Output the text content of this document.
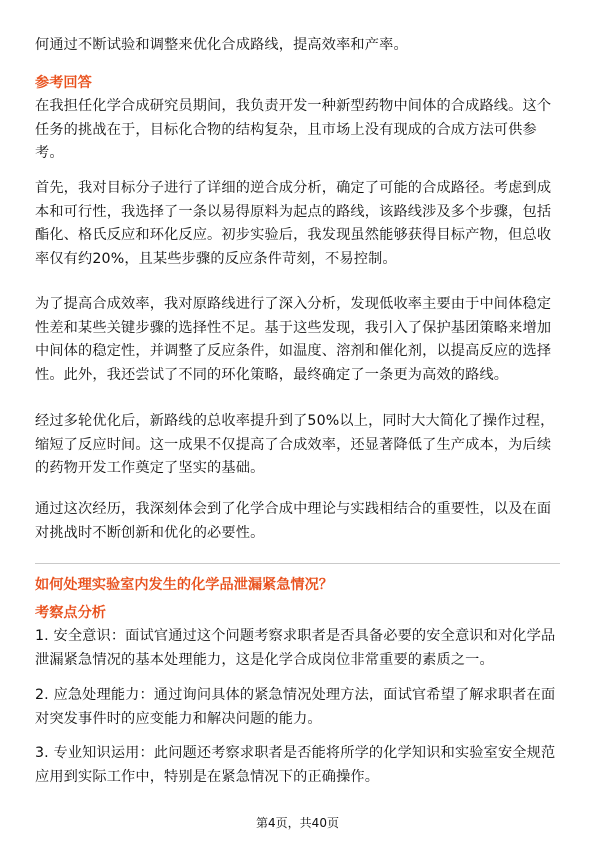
何通过不断试验和调整来优化合成路线，提高效率和产率。

参考回答

在我担任化学合成研究员期间，我负责开发一种新型药物中间体的合成路线。这个任务的挑战在于，目标化合物的结构复杂，且市场上没有现成的合成方法可供参考。

首先，我对目标分子进行了详细的逆合成分析，确定了可能的合成路径。考虑到成本和可行性，我选择了一条以易得原料为起点的路线，该路线涉及多个步骤，包括酯化、格氏反应和环化反应。初步实验后，我发现虽然能够获得目标产物，但总收率仅有约20%，且某些步骤的反应条件苛刻，不易控制。

为了提高合成效率，我对原路线进行了深入分析，发现低收率主要由于中间体稳定性差和某些关键步骤的选择性不足。基于这些发现，我引入了保护基团策略来增加中间体的稳定性，并调整了反应条件，如温度、溶剂和催化剂，以提高反应的选择性。此外，我还尝试了不同的环化策略，最终确定了一条更为高效的路线。

经过多轮优化后，新路线的总收率提升到了50%以上，同时大大简化了操作过程，缩短了反应时间。这一成果不仅提高了合成效率，还显著降低了生产成本，为后续的药物开发工作奠定了坚实的基础。

通过这次经历，我深刻体会到了化学合成中理论与实践相结合的重要性，以及在面对挑战时不断创新和优化的必要性。

如何处理实验室内发生的化学品泄漏紧急情况？

考察点分析

1. 安全意识：面试官通过这个问题考察求职者是否具备必要的安全意识和对化学品泄漏紧急情况的基本处理能力，这是化学合成岗位非常重要的素质之一。

2. 应急处理能力：通过询问具体的紧急情况处理方法，面试官希望了解求职者在面对突发事件时的应变能力和解决问题的能力。

3. 专业知识运用：此问题还考察求职者是否能将所学的化学知识和实验室安全规范应用到实际工作中，特别是在紧急情况下的正确操作。

第4页，共40页
